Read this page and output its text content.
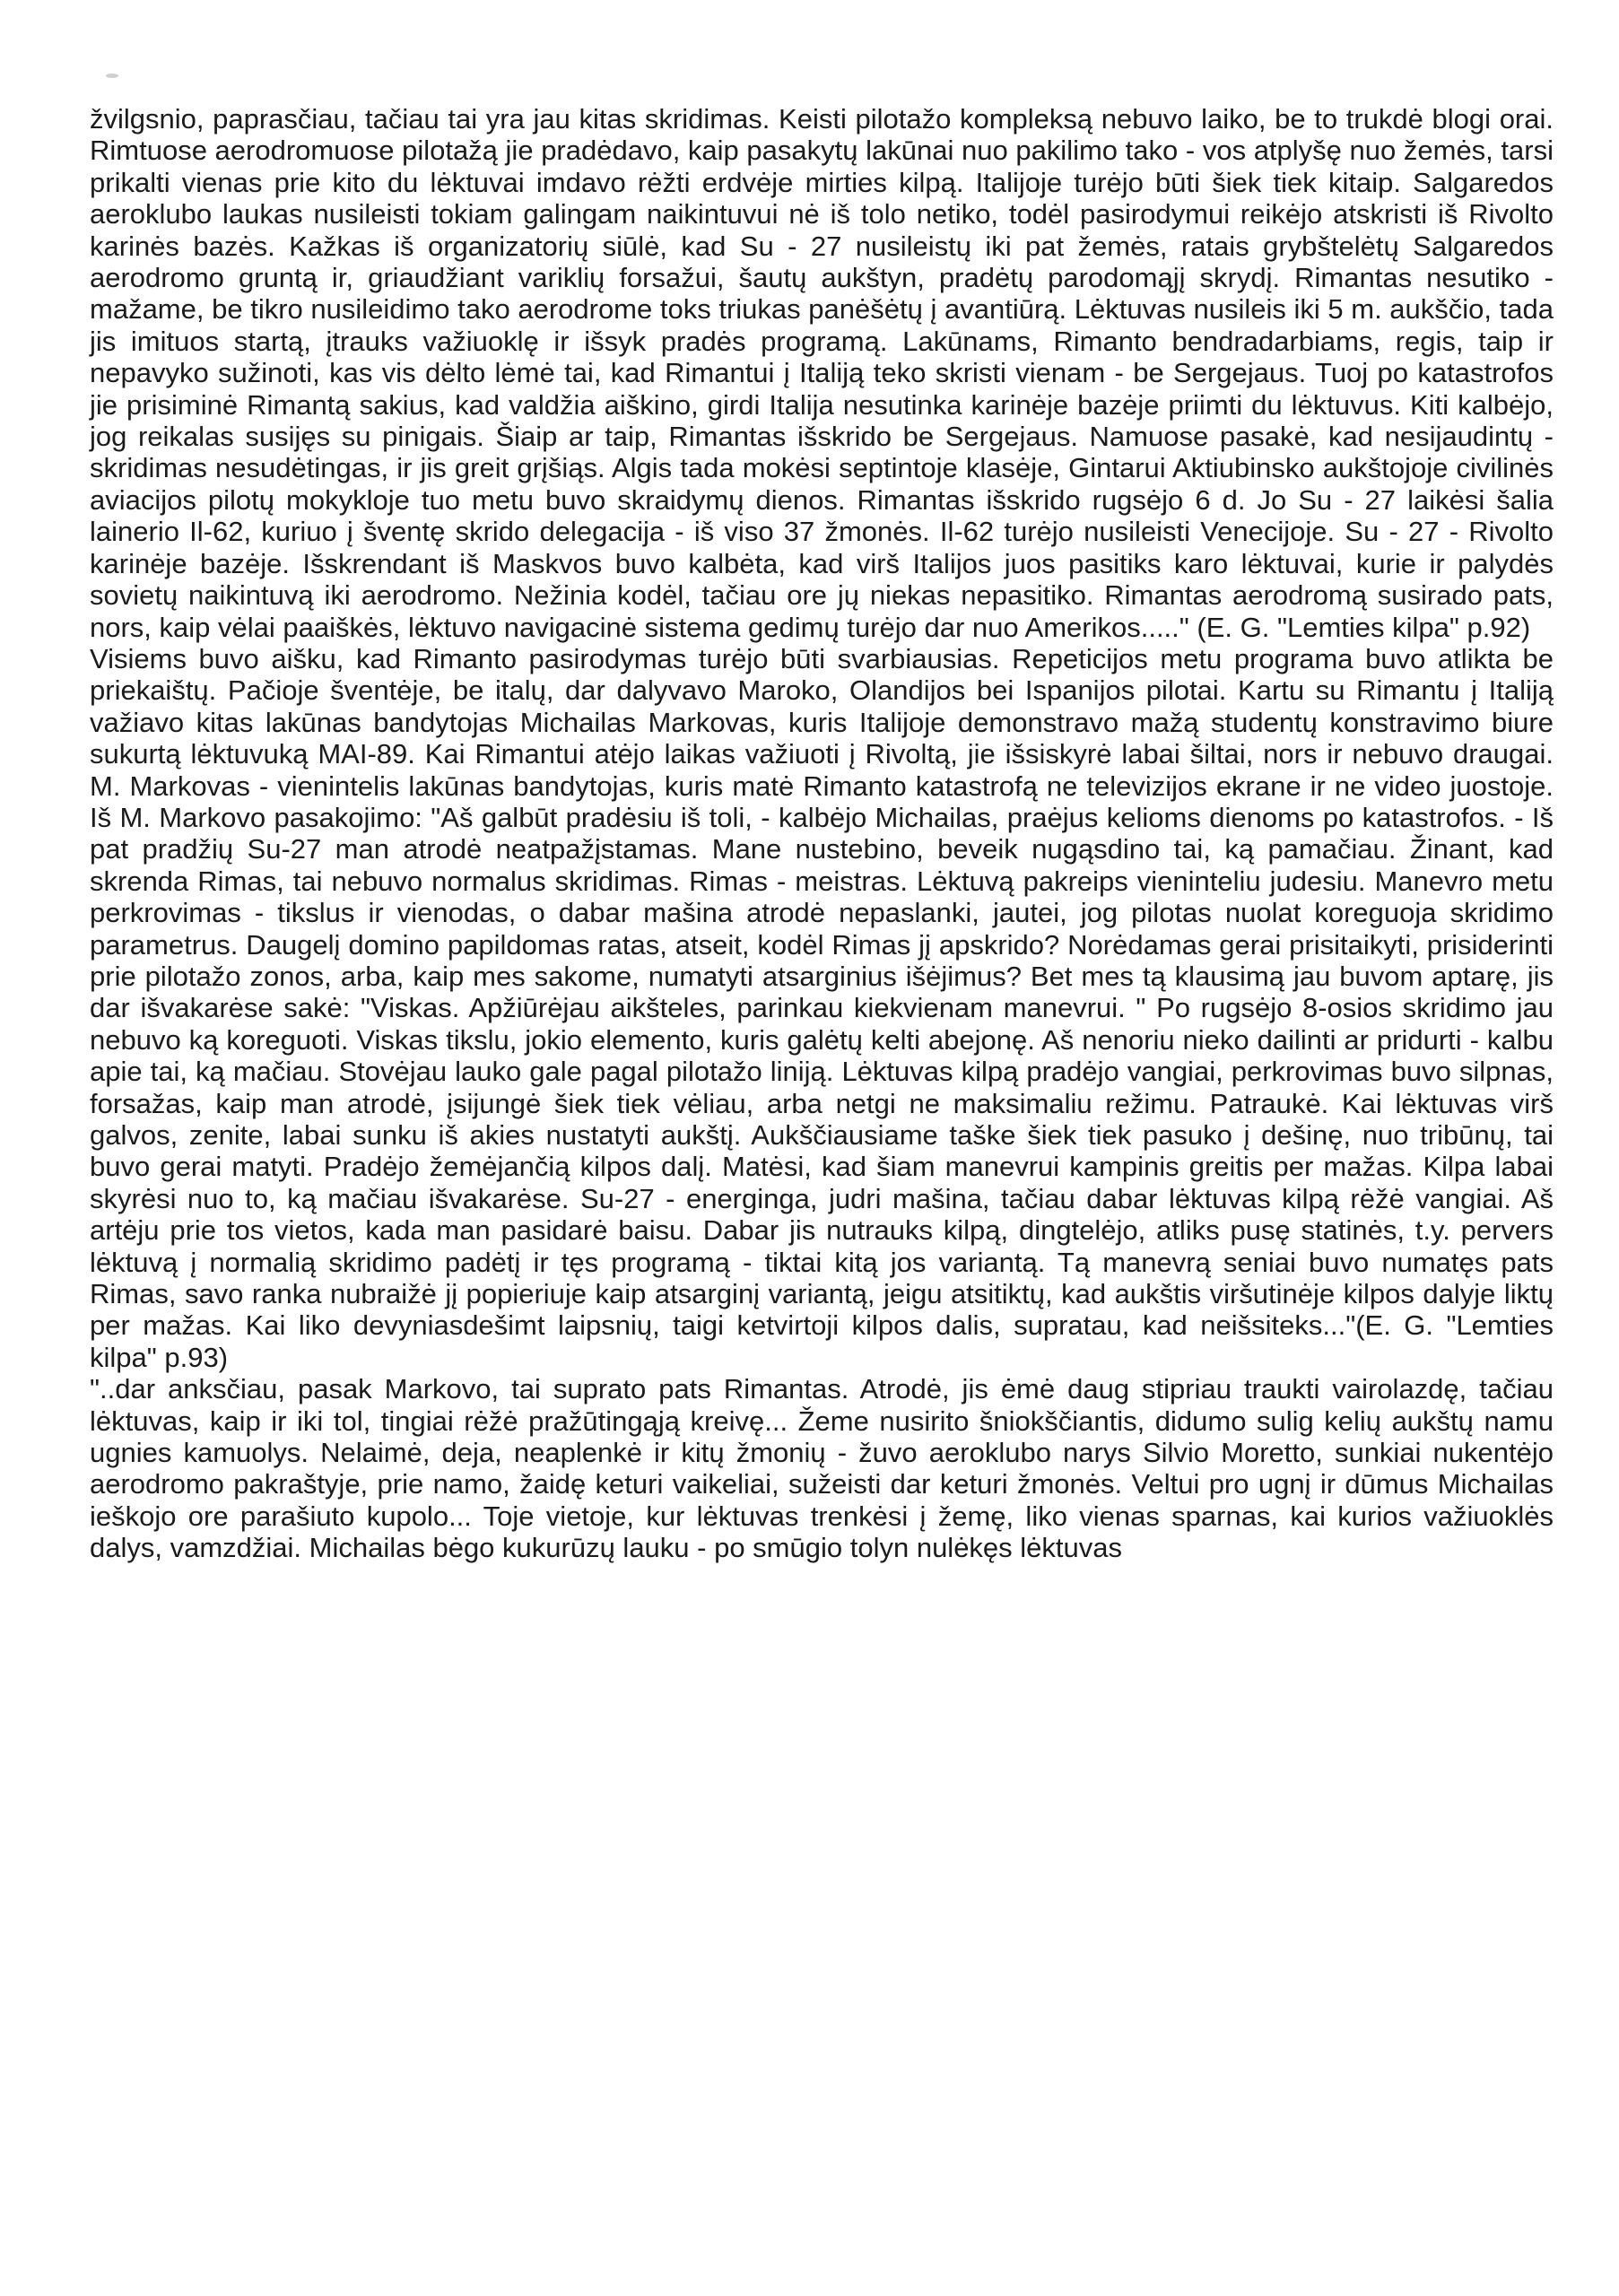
žvilgsnio, paprasčiau, tačiau tai yra jau kitas skridimas. Keisti pilotažo kompleksą nebuvo laiko, be to trukdė blogi orai. Rimtuose aerodromuose pilotažą jie pradėdavo, kaip pasakytų lakūnai nuo pakilimo tako - vos atplyšę nuo žemės, tarsi prikalti vienas prie kito du lėktuvai imdavo rėžti erdvėje mirties kilpą. Italijoje turėjo būti šiek tiek kitaip. Salgaredos aeroklubo laukas nusileisti tokiam galingam naikintuvui nė iš tolo netiko, todėl pasirodymui reikėjo atskristi iš Rivolto karinės bazės. Kažkas iš organizatorių siūlė, kad Su - 27 nusileistų iki pat žemės, ratais grybštelėtų Salgaredos aerodromo gruntą ir, griaudžiant variklių forsažui, šautų aukštyn, pradėtų parodomąjį skrydį. Rimantas nesutiko - mažame, be tikro nusileidimo tako aerodrome toks triukas panėšėtų į avantiūrą. Lėktuvas nusileis iki 5 m. aukščio, tada jis imituos startą, įtrauks važiuoklę ir išsyk pradės programą. Lakūnams, Rimanto bendradarbiams, regis, taip ir nepavyko sužinoti, kas vis dėlto lėmė tai, kad Rimantui į Italiją teko skristi vienam - be Sergejaus. Tuoj po katastrofos jie prisiminė Rimantą sakius, kad valdžia aiškino, girdi Italija nesutinka karinėje bazėje priimti du lėktuvus. Kiti kalbėjo, jog reikalas susijęs su pinigais. Šiaip ar taip, Rimantas išskrido be Sergejaus. Namuose pasakė, kad nesijaudintų - skridimas nesudėtingas, ir jis greit grįšiąs. Algis tada mokėsi septintoje klasėje, Gintarui Aktiubinsko aukštojoje civilinės aviacijos pilotų mokykloje tuo metu buvo skraidymų dienos. Rimantas išskrido rugsėjo 6 d. Jo Su - 27 laikėsi šalia lainerio Il-62, kuriuo į šventę skrido delegacija - iš viso 37 žmonės. Il-62 turėjo nusileisti Venecijoje. Su - 27 - Rivolto karinėje bazėje. Išskrendant iš Maskvos buvo kalbėta, kad virš Italijos juos pasitiks karo lėktuvai, kurie ir palydės sovietų naikintuvą iki aerodromo. Nežinia kodėl, tačiau ore jų niekas nepasitiko. Rimantas aerodromą susirado pats, nors, kaip vėlai paaiškės, lėktuvo navigacinė sistema gedimų turėjo dar nuo Amerikos....." (E. G. "Lemties kilpa" p.92)

Visiems buvo aišku, kad Rimanto pasirodymas turėjo būti svarbiausias. Repeticijos metu programa buvo atlikta be priekaištų. Pačioje šventėje, be italų, dar dalyvavo Maroko, Olandijos bei Ispanijos pilotai. Kartu su Rimantu į Italiją važiavo kitas lakūnas bandytojas Michailas Markovas, kuris Italijoje demonstravo mažą studentų konstravimo biure sukurtą lėktuvuką MAI-89. Kai Rimantui atėjo laikas važiuoti į Rivoltą, jie išsiskyrė labai šiltai, nors ir nebuvo draugai. M. Markovas - vienintelis lakūnas bandytojas, kuris matė Rimanto katastrofą ne televizijos ekrane ir ne video juostoje. Iš M. Markovo pasakojimo: "Aš galbūt pradėsiu iš toli, - kalbėjo Michailas, praėjus kelioms dienoms po katastrofos. - Iš pat pradžių Su-27 man atrodė neatpažįstamas. Mane nustebino, beveik nugąsdino tai, ką pamačiau. Žinant, kad skrenda Rimas, tai nebuvo normalus skridimas. Rimas - meistras. Lėktuvą pakreips vieninteliu judesiu. Manevro metu perkrovimas - tikslus ir vienodas, o dabar mašina atrodė nepaslanki, jautei, jog pilotas nuolat koreguoja skridimo parametrus. Daugelį domino papildomas ratas, atseit, kodėl Rimas jį apskrido? Norėdamas gerai prisitaikyti, prisiderinti prie pilotažo zonos, arba, kaip mes sakome, numatyti atsarginius išėjimus? Bet mes tą klausimą jau buvom aptarę, jis dar išvakarėse sakė: "Viskas. Apžiūrėjau aikšteles, parinkau kiekvienam manevrui. " Po rugsėjo 8-osios skridimo jau nebuvo ką koreguoti. Viskas tikslu, jokio elemento, kuris galėtų kelti abejonę. Aš nenoriu nieko dailinti ar pridurti - kalbu apie tai, ką mačiau. Stovėjau lauko gale pagal pilotažo liniją. Lėktuvas kilpą pradėjo vangiai, perkrovimas buvo silpnas, forsažas, kaip man atrodė, įsijungė šiek tiek vėliau, arba netgi ne maksimaliu režimu. Patraukė. Kai lėktuvas virš galvos, zenite, labai sunku iš akies nustatyti aukštį. Aukščiausiame taške šiek tiek pasuko į dešinę, nuo tribūnų, tai buvo gerai matyti. Pradėjo žemėjančią kilpos dalį. Matėsi, kad šiam manevrui kampinis greitis per mažas. Kilpa labai skyrėsi nuo to, ką mačiau išvakarėse. Su-27 - energinga, judri mašina, tačiau dabar lėktuvas kilpą rėžė vangiai. Aš artėju prie tos vietos, kada man pasidarė baisu. Dabar jis nutrauks kilpą, dingtelėjo, atliks pusę statinės, t.y. pervers lėktuvą į normalią skridimo padėtį ir tęs programą - tiktai kitą jos variantą. Tą manevrą seniai buvo numatęs pats Rimas, savo ranka nubraižė jį popieriuje kaip atsarginį variantą, jeigu atsitiktų, kad aukštis viršutinėje kilpos dalyje liktų per mažas. Kai liko devyniasdešimt laipsnių, taigi ketvirtoji kilpos dalis, supratau, kad neišsiteks..."(E. G. "Lemties kilpa" p.93)

"..dar anksčiau, pasak Markovo, tai suprato pats Rimantas. Atrodė, jis ėmė daug stipriau traukti vairolazdę, tačiau lėktuvas, kaip ir iki tol, tingiai rėžė pražūtingąją kreivę... Žeme nusirito šniokščiantis, didumo sulig kelių aukštų namu ugnies kamuolys. Nelaimė, deja, neaplenkė ir kitų žmonių - žuvo aeroklubo narys Silvio Moretto, sunkiai nukentėjo aerodromo pakraštyje, prie namo, žaidę keturi vaikeliai, sužeisti dar keturi žmonės. Veltui pro ugnį ir dūmus Michailas ieškojo ore parašiuto kupolo... Toje vietoje, kur lėktuvas trenkėsi į žemę, liko vienas sparnas, kai kurios važiuoklės dalys, vamzdžiai. Michailas bėgo kukurūzų lauku - po smūgio tolyn nulėkęs lėktuvas
